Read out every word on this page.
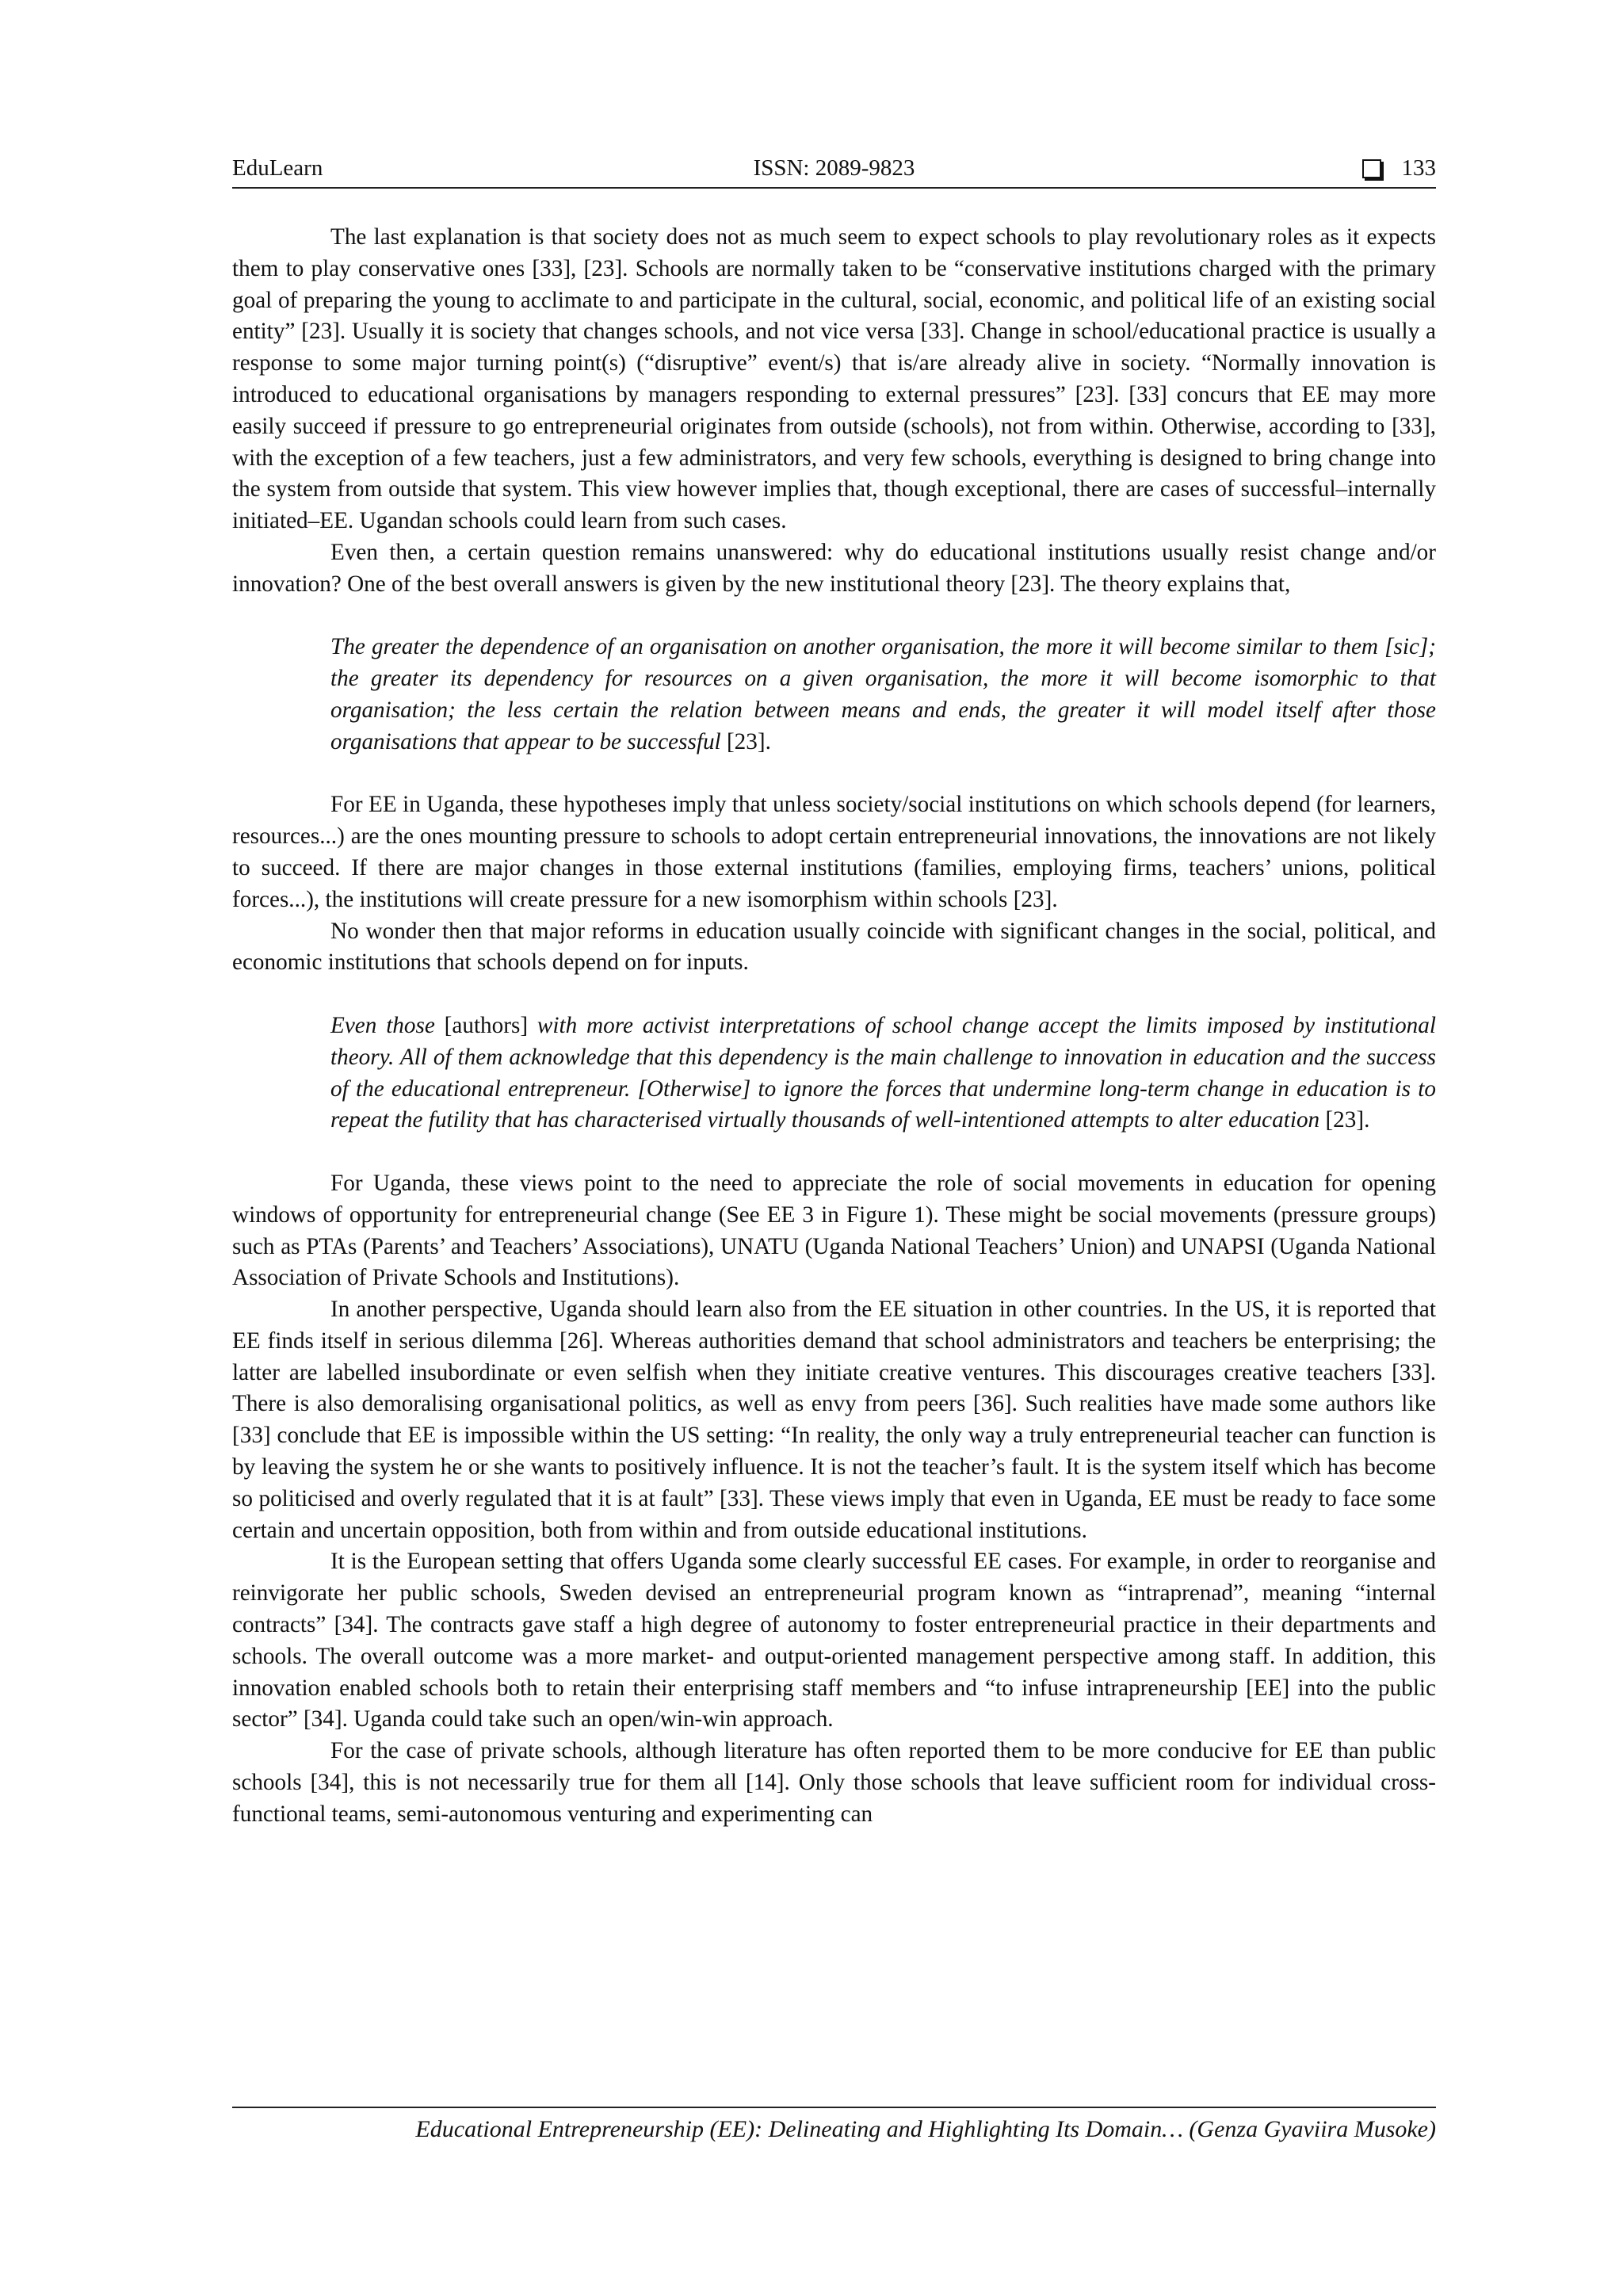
EduLearn	ISSN: 2089-9823	133

The last explanation is that society does not as much seem to expect schools to play revolutionary roles as it expects them to play conservative ones [33], [23]. Schools are normally taken to be “conservative institutions charged with the primary goal of preparing the young to acclimate to and participate in the cultural, social, economic, and political life of an existing social entity” [23]. Usually it is society that changes schools, and not vice versa [33]. Change in school/educational practice is usually a response to some major turning point(s) (“disruptive” event/s) that is/are already alive in society. “Normally innovation is introduced to educational organisations by managers responding to external pressures” [23]. [33] concurs that EE may more easily succeed if pressure to go entrepreneurial originates from outside (schools), not from within. Otherwise, according to [33], with the exception of a few teachers, just a few administrators, and very few schools, everything is designed to bring change into the system from outside that system. This view however implies that, though exceptional, there are cases of successful–internally initiated–EE. Ugandan schools could learn from such cases.

Even then, a certain question remains unanswered: why do educational institutions usually resist change and/or innovation? One of the best overall answers is given by the new institutional theory [23]. The theory explains that,

The greater the dependence of an organisation on another organisation, the more it will become similar to them [sic]; the greater its dependency for resources on a given organisation, the more it will become isomorphic to that organisation; the less certain the relation between means and ends, the greater it will model itself after those organisations that appear to be successful [23].

For EE in Uganda, these hypotheses imply that unless society/social institutions on which schools depend (for learners, resources...) are the ones mounting pressure to schools to adopt certain entrepreneurial innovations, the innovations are not likely to succeed. If there are major changes in those external institutions (families, employing firms, teachers’ unions, political forces...), the institutions will create pressure for a new isomorphism within schools [23].

No wonder then that major reforms in education usually coincide with significant changes in the social, political, and economic institutions that schools depend on for inputs.

Even those [authors] with more activist interpretations of school change accept the limits imposed by institutional theory. All of them acknowledge that this dependency is the main challenge to innovation in education and the success of the educational entrepreneur. [Otherwise] to ignore the forces that undermine long-term change in education is to repeat the futility that has characterised virtually thousands of well-intentioned attempts to alter education [23].

For Uganda, these views point to the need to appreciate the role of social movements in education for opening windows of opportunity for entrepreneurial change (See EE 3 in Figure 1). These might be social movements (pressure groups) such as PTAs (Parents’ and Teachers’ Associations), UNATU (Uganda National Teachers’ Union) and UNAPSI (Uganda National Association of Private Schools and Institutions).

In another perspective, Uganda should learn also from the EE situation in other countries. In the US, it is reported that EE finds itself in serious dilemma [26]. Whereas authorities demand that school administrators and teachers be enterprising; the latter are labelled insubordinate or even selfish when they initiate creative ventures. This discourages creative teachers [33]. There is also demoralising organisational politics, as well as envy from peers [36]. Such realities have made some authors like [33] conclude that EE is impossible within the US setting: “In reality, the only way a truly entrepreneurial teacher can function is by leaving the system he or she wants to positively influence. It is not the teacher’s fault. It is the system itself which has become so politicised and overly regulated that it is at fault” [33]. These views imply that even in Uganda, EE must be ready to face some certain and uncertain opposition, both from within and from outside educational institutions.

It is the European setting that offers Uganda some clearly successful EE cases. For example, in order to reorganise and reinvigorate her public schools, Sweden devised an entrepreneurial program known as “intraprenad”, meaning “internal contracts” [34]. The contracts gave staff a high degree of autonomy to foster entrepreneurial practice in their departments and schools. The overall outcome was a more market- and output-oriented management perspective among staff. In addition, this innovation enabled schools both to retain their enterprising staff members and “to infuse intrapreneurship [EE] into the public sector” [34]. Uganda could take such an open/win-win approach.

For the case of private schools, although literature has often reported them to be more conducive for EE than public schools [34], this is not necessarily true for them all [14]. Only those schools that leave sufficient room for individual cross-functional teams, semi-autonomous venturing and experimenting can

Educational Entrepreneurship (EE): Delineating and Highlighting Its Domain… (Genza Gyaviira Musoke)
